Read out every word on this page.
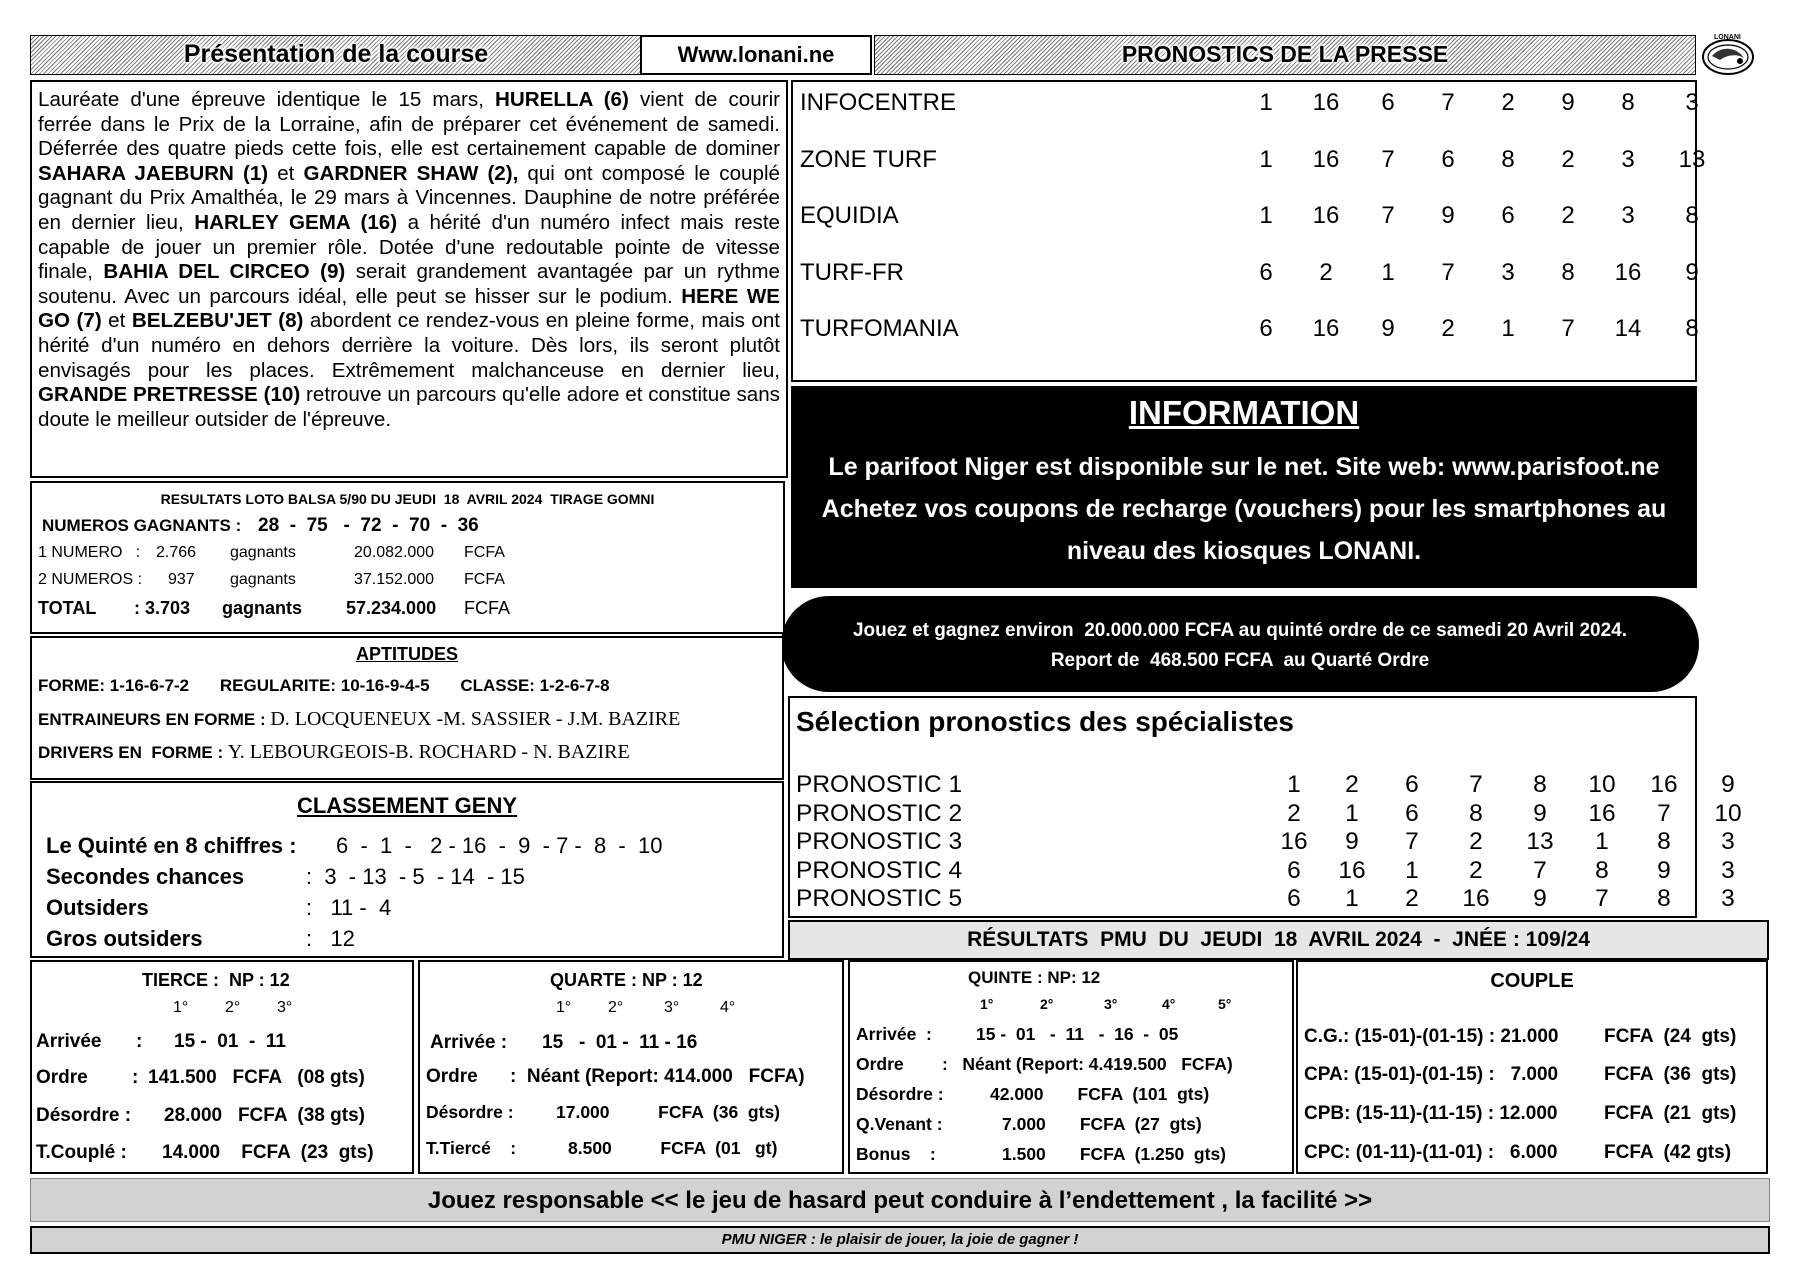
Présentation de la course	Www.lonani.ne	PRONOSTICS DE LA PRESSE
LONANI
Lauréate d'une épreuve identique le 15 mars, HURELLA (6) vient de courir ferrée dans le Prix de la Lorraine, afin de préparer cet événement de samedi. Déferrée des quatre pieds cette fois, elle est certainement capable de dominer SAHARA JAEBURN (1) et GARDNER SHAW (2), qui ont composé le couplé gagnant du Prix Amalthéa, le 29 mars à Vincennes. Dauphine de notre préférée en dernier lieu, HARLEY GEMA (16) a hérité d'un numéro infect mais reste capable de jouer un premier rôle. Dotée d'une redoutable pointe de vitesse finale, BAHIA DEL CIRCEO (9) serait grandement avantagée par un rythme soutenu. Avec un parcours idéal, elle peut se hisser sur le podium. HERE WE GO (7) et BELZEBU'JET (8) abordent ce rendez-vous en pleine forme, mais ont hérité d'un numéro en dehors derrière la voiture. Dès lors, ils seront plutôt envisagés pour les places. Extrêmement malchanceuse en dernier lieu, GRANDE PRETRESSE (10) retrouve un parcours qu'elle adore et constitue sans doute le meilleur outsider de l'épreuve.
INFOCENTRE	1	16	6	7	2	9	8	3
ZONE TURF	1	16	7	6	8	2	3	13
EQUIDIA	1	16	7	9	6	2	3	8
TURF-FR	6	2	1	7	3	8	16	9
TURFOMANIA	6	16	9	2	1	7	14	8
INFORMATION
Le parifoot Niger est disponible sur le net. Site web: www.parisfoot.ne
Achetez vos coupons de recharge (vouchers) pour les smartphones au
niveau des kiosques LONANI.
Jouez et gagnez environ  20.000.000 FCFA au quinté ordre de ce samedi 20 Avril 2024.
Report de  468.500 FCFA  au Quarté Ordre
RESULTATS LOTO BALSA 5/90 DU JEUDI  18  AVRIL 2024  TIRAGE GOMNI
NUMEROS GAGNANTS : 28  -  75   -  72  -  70  -  36
1 NUMERO   : 2.766 gagnants	20.082.000 FCFA
2 NUMEROS : 937 gagnants	37.152.000 FCFA
TOTAL : 3.703 gagnants 57.234.000 FCFA
APTITUDES
FORME: 1-16-6-7-2 REGULARITE: 10-16-9-4-5 CLASSE: 1-2-6-7-8
ENTRAINEURS EN FORME : D. LOCQUENEUX -M. SASSIER - J.M. BAZIRE
DRIVERS EN  FORME : Y. LEBOURGEOIS-B. ROCHARD - N. BAZIRE
CLASSEMENT GENY
Le Quinté en 8 chiffres : 6  -  1  -   2 - 16  -  9  - 7 -  8  -  10
Secondes chances	:  3  - 13  - 5  - 14  - 15
Outsiders	:   11 -  4
Gros outsiders	:   12
Sélection pronostics des spécialistes
PRONOSTIC 1	1	2	6	7	8	10	16	9
PRONOSTIC 2	2	1	6	8	9	16	7	10
PRONOSTIC 3	16	9	7	2	13	1	8	3
PRONOSTIC 4	6	16	1	2	7	8	9	3
PRONOSTIC 5	6	1	2	16	9	7	8	3
RÉSULTATS  PMU  DU  JEUDI  18  AVRIL 2024  -  JNÉE : 109/24
TIERCE :  NP : 12
1° 2° 3°
Arrivée : 15 -  01  -  11
Ordre : 141.500   FCFA   (08 gts)
Désordre : 28.000   FCFA  (38 gts)
T.Couplé : 14.000    FCFA  (23  gts)
QUARTE : NP : 12
1° 2°	3°	4°
Arrivée : 15   -  01 -  11 - 16
Ordre :  Néant (Report: 414.000   FCFA)
Désordre : 17.000          FCFA  (36  gts)
T.Tiercé    :	8.500          FCFA  (01   gt)
QUINTE : NP: 12
1°	2°	3°	4°	5°
Arrivée  :	15 -  01   -  11   -  16  -  05
Ordre :   Néant (Report: 4.419.500   FCFA)
Désordre :	42.000       FCFA  (101  gts)
Q.Venant :	7.000       FCFA  (27  gts)
Bonus    :	1.500       FCFA  (1.250  gts)
COUPLE
C.G.: (15-01)-(01-15) : 21.000 FCFA  (24  gts)
CPA: (15-01)-(01-15) :   7.000 FCFA  (36  gts)
CPB: (15-11)-(11-15) : 12.000 FCFA  (21  gts)
CPC: (01-11)-(11-01) :   6.000 FCFA  (42 gts)
Jouez responsable << le jeu de hasard peut conduire à l’endettement , la facilité >>
PMU NIGER : le plaisir de jouer, la joie de gagner !
